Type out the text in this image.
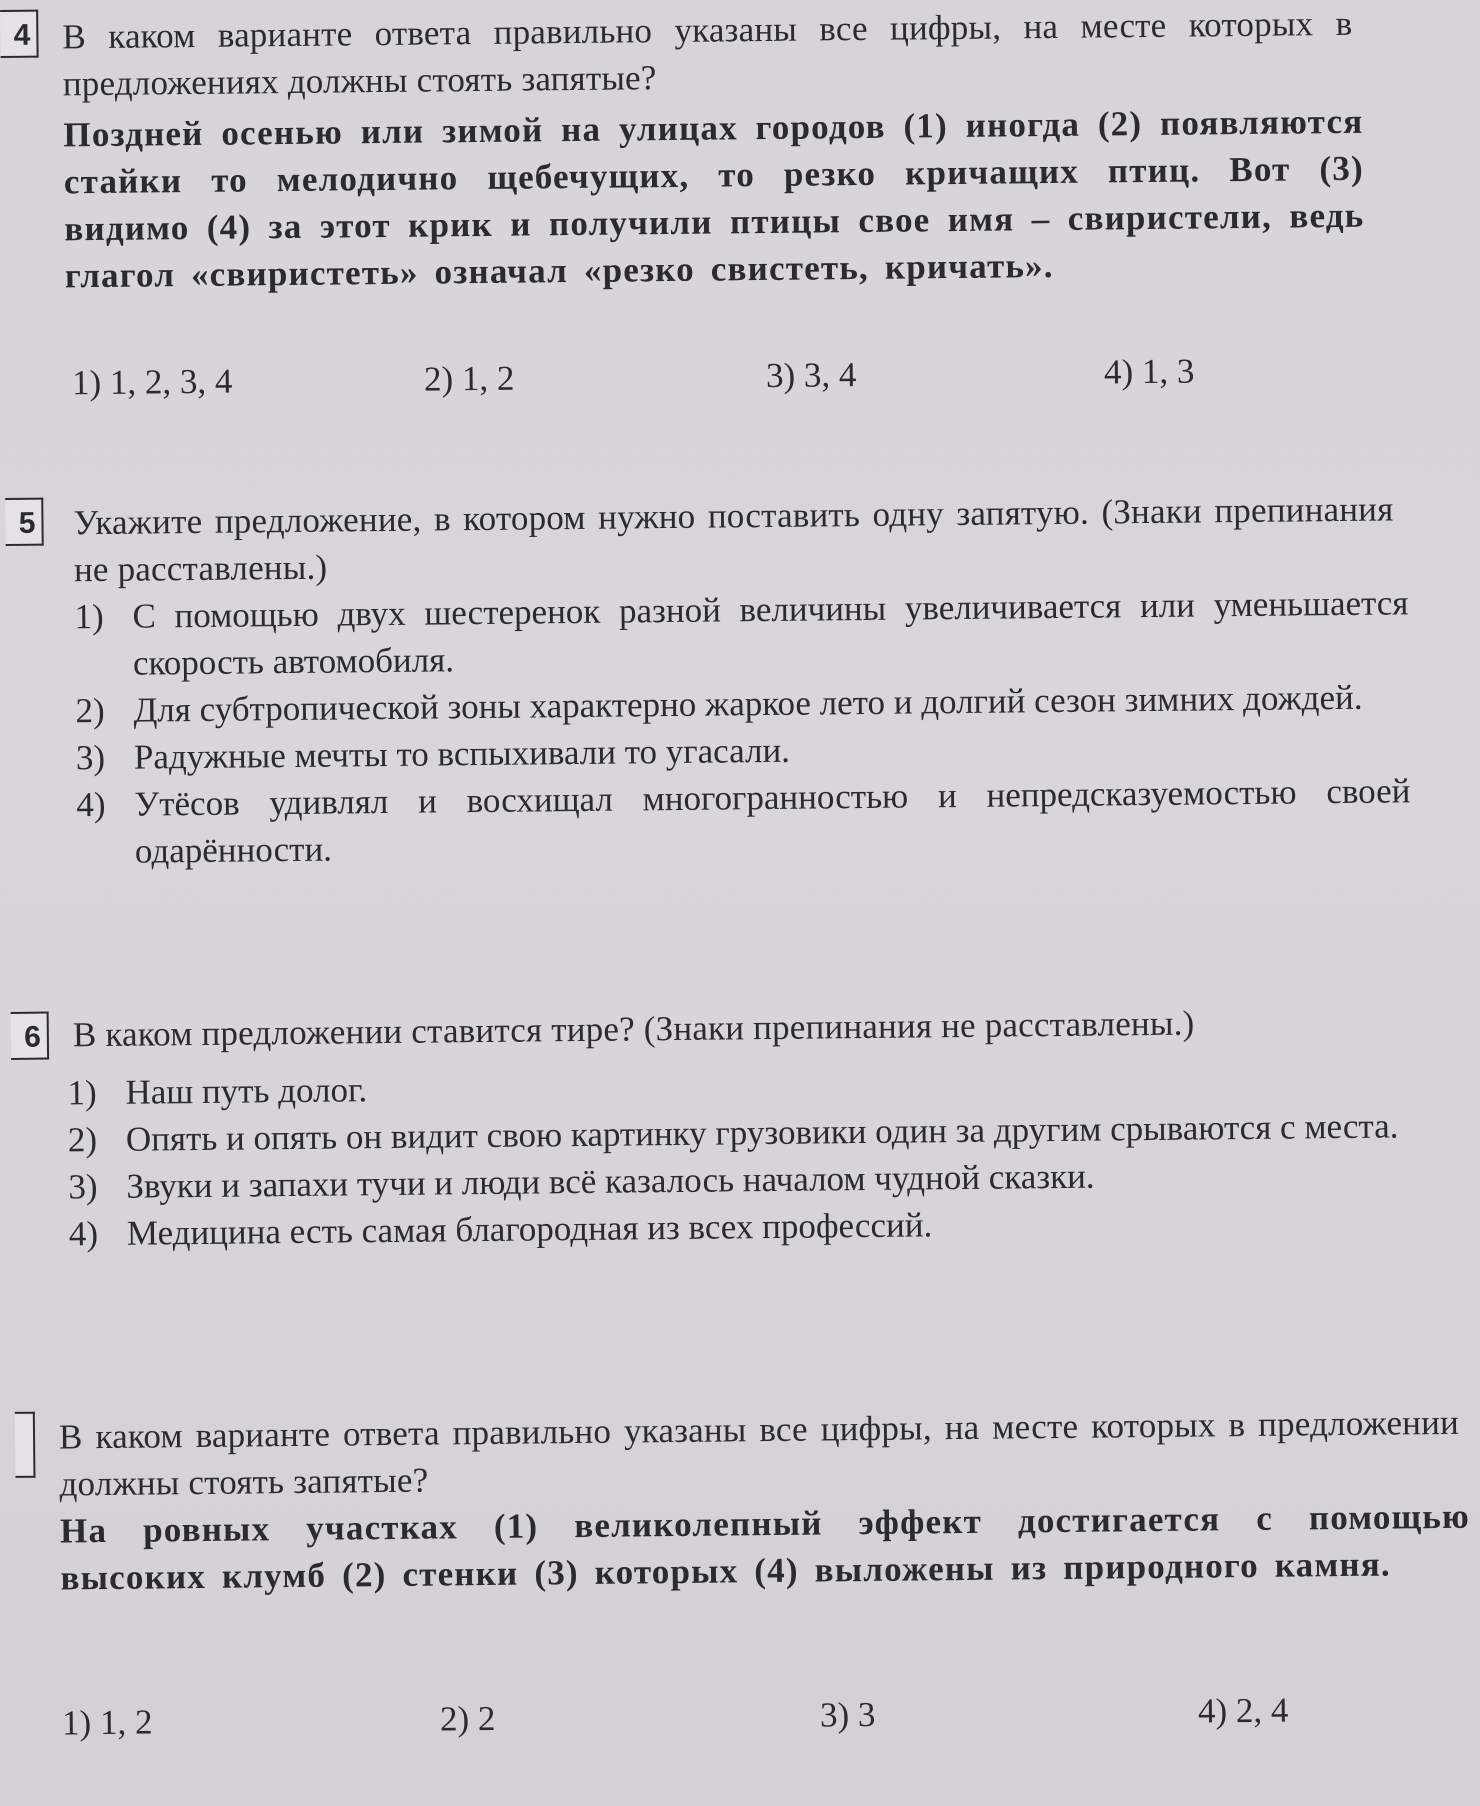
4 В каком варианте ответа правильно указаны все цифры, на месте которых в предложениях должны стоять запятые?
Поздней осенью или зимой на улицах городов (1) иногда (2) появляются стайки то мелодично щебечущих, то резко кричащих птиц. Вот (3) видимо (4) за этот крик и получили птицы свое имя – свиристели, ведь глагол «свиристеть» означал «резко свистеть, кричать».
1) 1, 2, 3, 4	2) 1, 2	3) 3, 4	4) 1, 3
5 Укажите предложение, в котором нужно поставить одну запятую. (Знаки препинания не расставлены.)
1) С помощью двух шестеренок разной величины увеличивается или уменьшается скорость автомобиля.
2) Для субтропической зоны характерно жаркое лето и долгий сезон зимних дождей.
3) Радужные мечты то вспыхивали то угасали.
4) Утёсов удивлял и восхищал многогранностью и непредсказуемостью своей одарённости.
6 В каком предложении ставится тире? (Знаки препинания не расставлены.)
1) Наш путь долог.
2) Опять и опять он видит свою картинку грузовики один за другим срываются с места.
3) Звуки и запахи тучи и люди всё казалось началом чудной сказки.
4) Медицина есть самая благородная из всех профессий.
В каком варианте ответа правильно указаны все цифры, на месте которых в предложении должны стоять запятые?
На ровных участках (1) великолепный эффект достигается с помощью высоких клумб (2) стенки (3) которых (4) выложены из природного камня.
1) 1, 2	2) 2	3) 3	4) 2, 4
